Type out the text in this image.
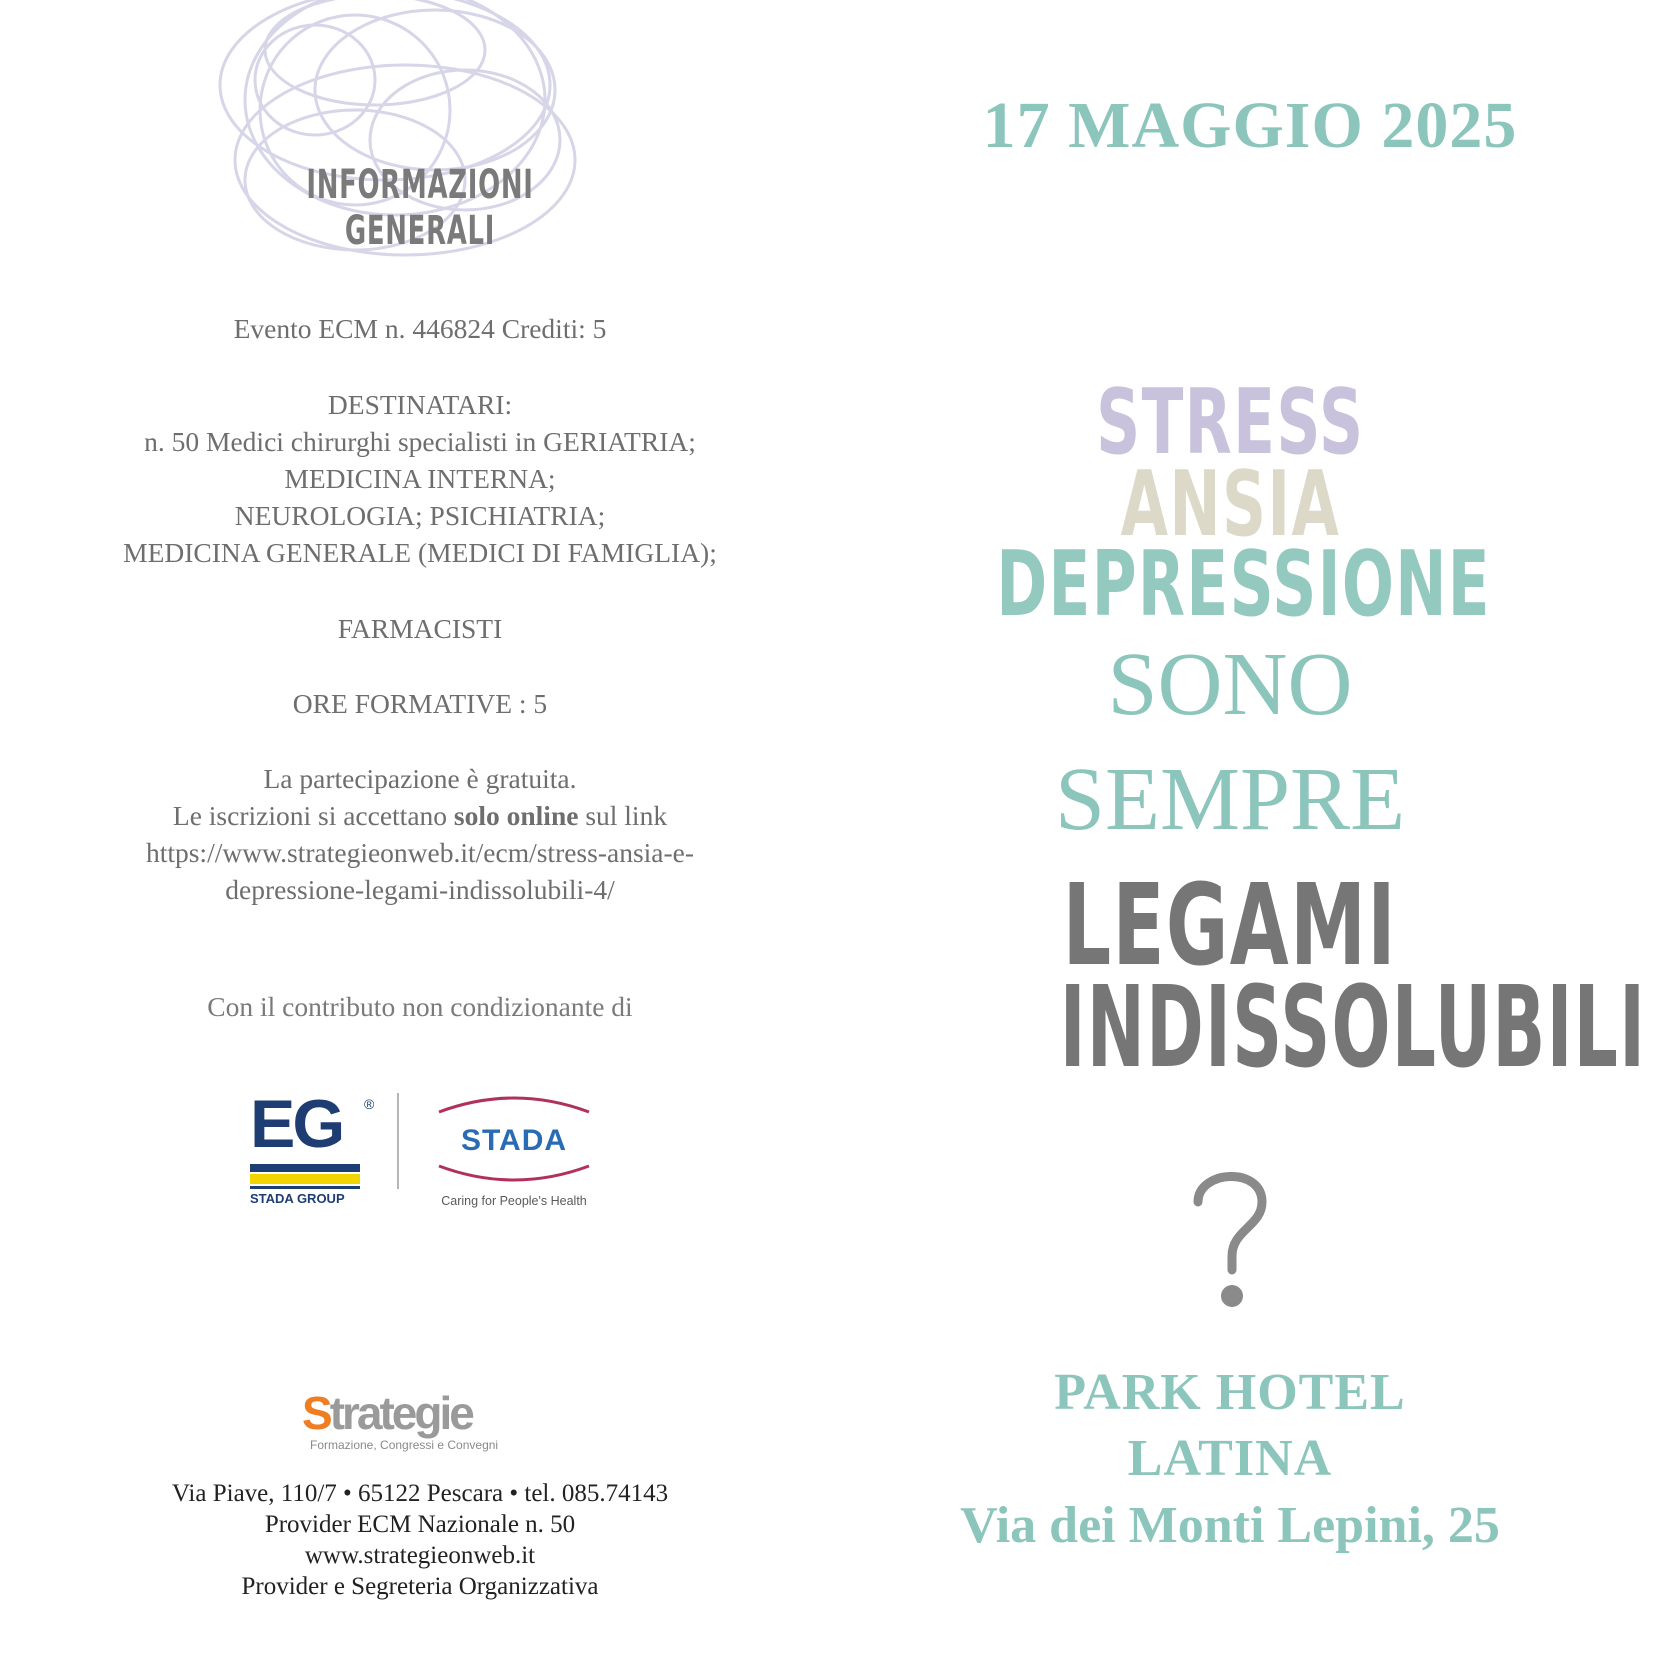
INFORMAZIONI
GENERALI
Evento ECM n. 446824 Crediti: 5
DESTINATARI:
n. 50 Medici chirurghi specialisti in GERIATRIA;
MEDICINA INTERNA;
NEUROLOGIA; PSICHIATRIA;
MEDICINA GENERALE (MEDICI DI FAMIGLIA);
FARMACISTI
ORE FORMATIVE : 5
La partecipazione è gratuita.
Le iscrizioni si accettano solo online sul link
https://www.strategieonweb.it/ecm/stress-ansia-e-
depressione-legami-indissolubili-4/
Con il contributo non condizionante di
EG	®
STADA GROUP
STADA
Caring for People's Health
Strategie
Formazione, Congressi e Convegni
Via Piave, 110/7 • 65122 Pescara • tel. 085.74143
Provider ECM Nazionale n. 50
www.strategieonweb.it
Provider e Segreteria Organizzativa
17 MAGGIO 2025
STRESS
ANSIA
DEPRESSIONE
SONO
SEMPRE
LEGAMI
INDISSOLUBILI
PARK HOTEL
LATINA
Via dei Monti Lepini, 25
